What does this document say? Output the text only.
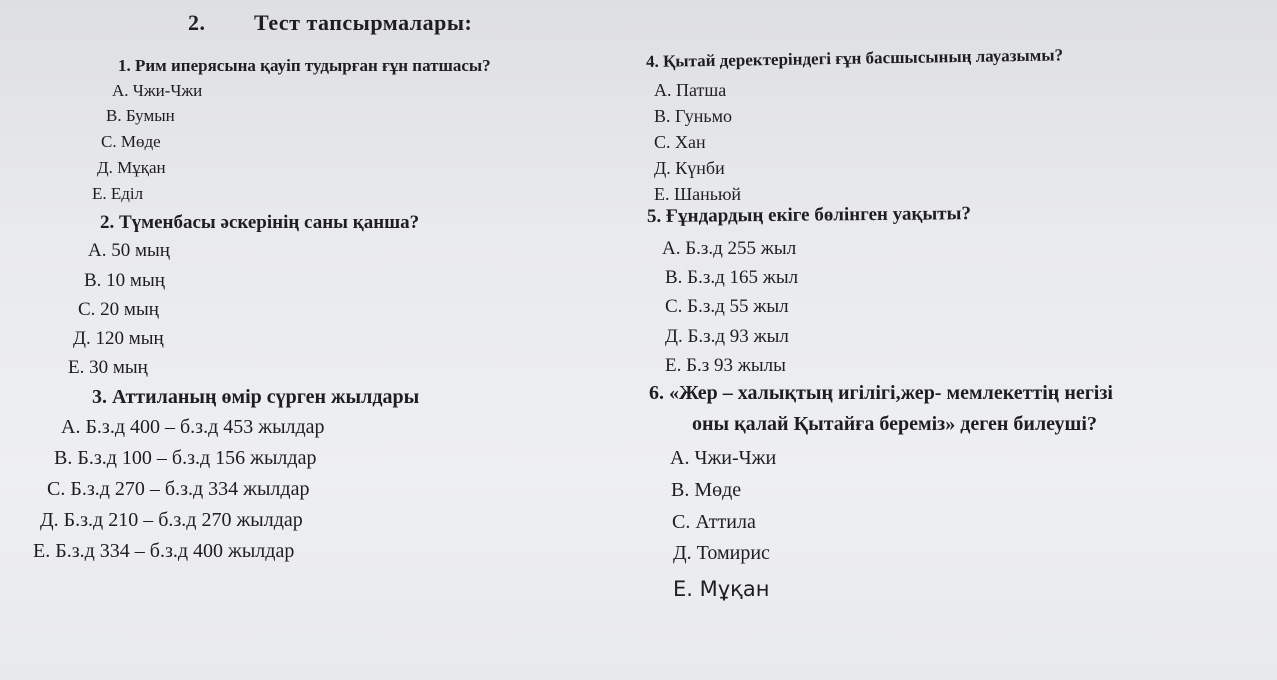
2. Тест тапсырмалары:
1. Рим иперясына қауіп тудырған ғұн патшасы?
А. Чжи-Чжи
В. Бумын
С. Мөде
Д. Мұқан
Е. Еділ
2. Түменбасы әскерінің саны қанша?
А. 50 мың
В. 10 мың
С. 20 мың
Д. 120 мың
Е. 30 мың
3. Аттиланың өмір сүрген жылдары
А. Б.з.д 400 – б.з.д 453 жылдар
В. Б.з.д 100 – б.з.д 156 жылдар
С. Б.з.д 270 – б.з.д 334 жылдар
Д. Б.з.д 210 – б.з.д 270 жылдар
Е. Б.з.д 334 – б.з.д 400 жылдар
4. Қытай деректеріндегі ғұн басшысының лауазымы?
А. Патша
В. Гуньмо
С. Хан
Д. Күнби
Е. Шаньюй
5. Ғұндардың екіге бөлінген уақыты?
А. Б.з.д 255 жыл
В. Б.з.д 165 жыл
С. Б.з.д 55 жыл
Д. Б.з.д 93 жыл
Е. Б.з 93 жылы
6. «Жер – халықтың игілігі,жер- мемлекеттің негізі
оны қалай Қытайға береміз» деген билеуші?
А. Чжи-Чжи
В. Мөде
С. Аттила
Д. Томирис
Е. Мұқан
